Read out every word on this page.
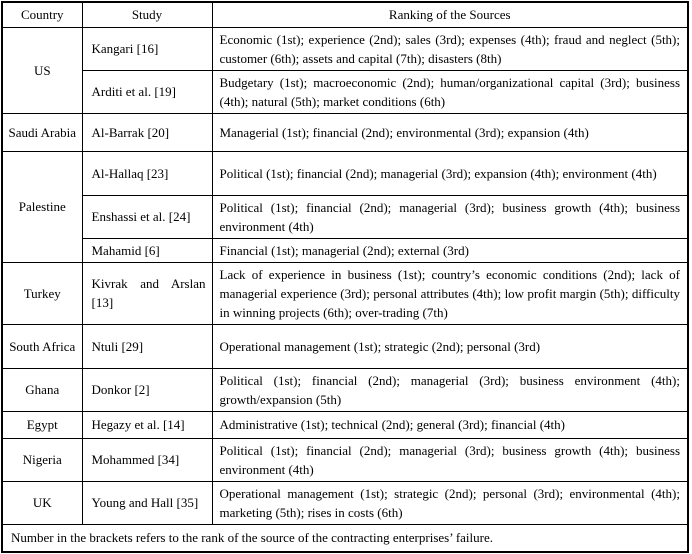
Country	Study	Ranking of the Sources
US	Kangari [16]	Economic (1st); experience (2nd); sales (3rd); expenses (4th); fraud and neglect (5th); customer (6th); assets and capital (7th); disasters (8th)
	Arditi et al. [19]	Budgetary (1st); macroeconomic (2nd); human/organizational capital (3rd); business (4th); natural (5th); market conditions (6th)
Saudi Arabia	Al-Barrak [20]	Managerial (1st); financial (2nd); environmental (3rd); expansion (4th)
Palestine	Al-Hallaq [23]	Political (1st); financial (2nd); managerial (3rd); expansion (4th); environment (4th)
	Enshassi et al. [24]	Political (1st); financial (2nd); managerial (3rd); business growth (4th); business environment (4th)
	Mahamid [6]	Financial (1st); managerial (2nd); external (3rd)
Turkey	Kivrak and Arslan [13]	Lack of experience in business (1st); country’s economic conditions (2nd); lack of managerial experience (3rd); personal attributes (4th); low profit margin (5th); difficulty in winning projects (6th); over-trading (7th)
South Africa	Ntuli [29]	Operational management (1st); strategic (2nd); personal (3rd)
Ghana	Donkor [2]	Political (1st); financial (2nd); managerial (3rd); business environment (4th); growth/expansion (5th)
Egypt	Hegazy et al. [14]	Administrative (1st); technical (2nd); general (3rd); financial (4th)
Nigeria	Mohammed [34]	Political (1st); financial (2nd); managerial (3rd); business growth (4th); business environment (4th)
UK	Young and Hall [35]	Operational management (1st); strategic (2nd); personal (3rd); environmental (4th); marketing (5th); rises in costs (6th)
Number in the brackets refers to the rank of the source of the contracting enterprises’ failure.		
